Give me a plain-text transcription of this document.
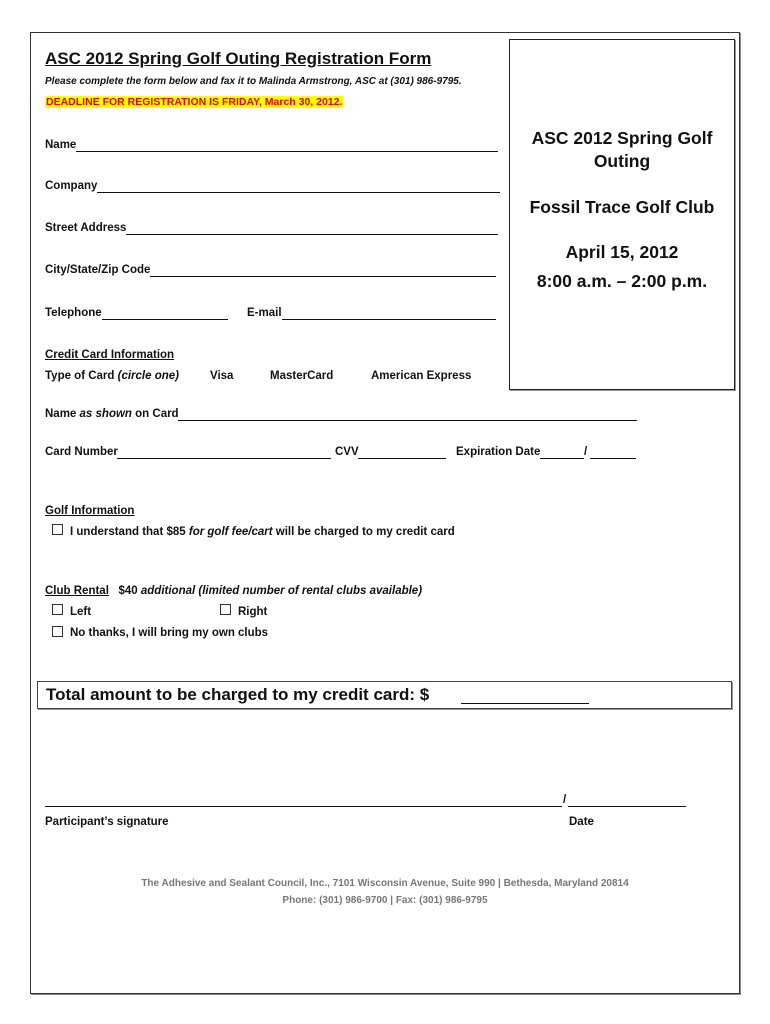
ASC 2012 Spring Golf Outing Registration Form
Please complete the form below and fax it to Malinda Armstrong, ASC at (301) 986-9795.
DEADLINE FOR REGISTRATION IS FRIDAY, March 30, 2012.
ASC 2012 Spring Golf
Outing
Fossil Trace Golf Club
April 15, 2012
8:00 a.m. – 2:00 p.m.
Name
Company
Street Address
City/State/Zip Code
Telephone	E-mail
Credit Card Information
Type of Card (circle one)	Visa	MasterCard	American Express
Name as shown on Card
Card Number	CVV	Expiration Date	/
Golf Information
I understand that $85 for golf fee/cart will be charged to my credit card
Club Rental $40 additional (limited number of rental clubs available)
Left	Right
No thanks, I will bring my own clubs
Total amount to be charged to my credit card: $
/
Participant’s signature	Date
The Adhesive and Sealant Council, Inc., 7101 Wisconsin Avenue, Suite 990 | Bethesda, Maryland 20814
Phone: (301) 986-9700 | Fax: (301) 986-9795
